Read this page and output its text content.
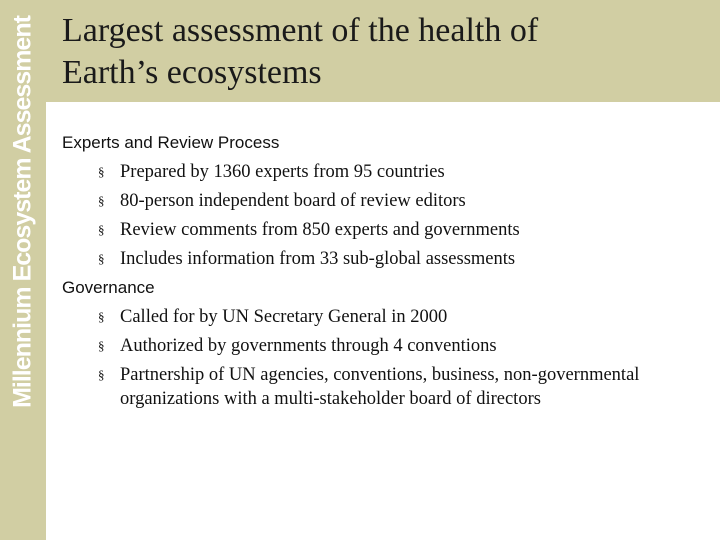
Millennium Ecosystem Assessment Largest assessment of the health of
Earth’s ecosystems
Experts and Review Process
§ Prepared by 1360 experts from 95 countries
§ 80-person independent board of review editors
§ Review comments from 850 experts and governments
§ Includes information from 33 sub-global assessments
Governance
§ Called for by UN Secretary General in 2000
§ Authorized by governments through 4 conventions
§ Partnership of UN agencies, conventions, business, non-governmental organizations with a multi-stakeholder board of directors
